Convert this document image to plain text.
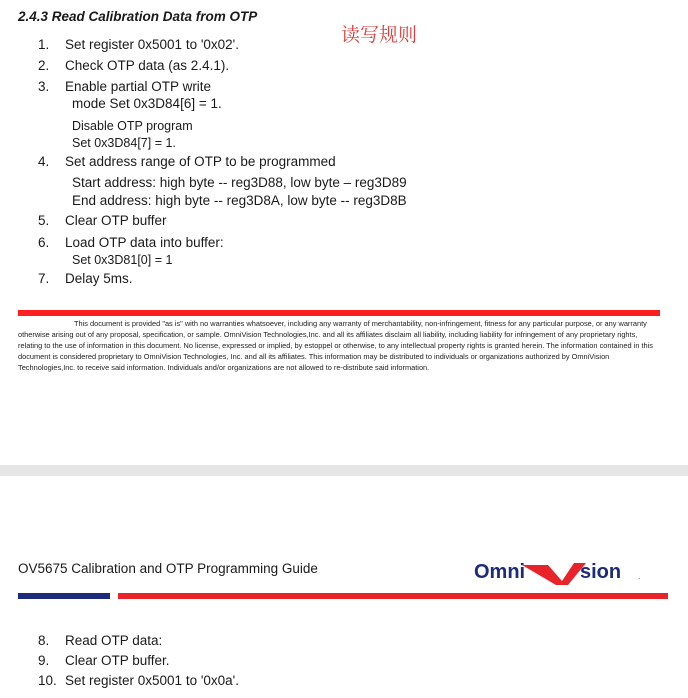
2.4.3 Read Calibration Data from OTP
读写规则
1. Set register 0x5001 to '0x02'.
2. Check OTP data (as 2.4.1).
3. Enable partial OTP write
mode Set 0x3D84[6] = 1.
Disable OTP program
Set 0x3D84[7] = 1.
4. Set address range of OTP to be programmed
Start address: high byte -- reg3D88, low byte – reg3D89
End address: high byte -- reg3D8A, low byte -- reg3D8B
5. Clear OTP buffer
6. Load OTP data into buffer:
Set 0x3D81[0] = 1
7. Delay 5ms.
This document is provided "as is" with no warranties whatsoever, including any warranty of merchantability, non-infringement, fitness for any particular purpose, or any warranty otherwise arising out of any proposal, specification, or sample. OmniVision Technologies,Inc. and all its affiliates disclaim all liability, including liability for infringement of any proprietary rights, relating to the use of information in this document. No license, expressed or implied, by estoppel or otherwise, to any intellectual property rights is granted herein. The information contained in this document is considered proprietary to OmniVision Technologies, Inc. and all its affiliates. This information may be distributed to individuals or organizations authorized by OmniVision Technologies,Inc. to receive said information. Individuals and/or organizations are not allowed to re-distribute said information.
OV5675 Calibration and OTP Programming Guide	Omni	sion .
8. Read OTP data:
9. Clear OTP buffer.
10. Set register 0x5001 to '0x0a'.
